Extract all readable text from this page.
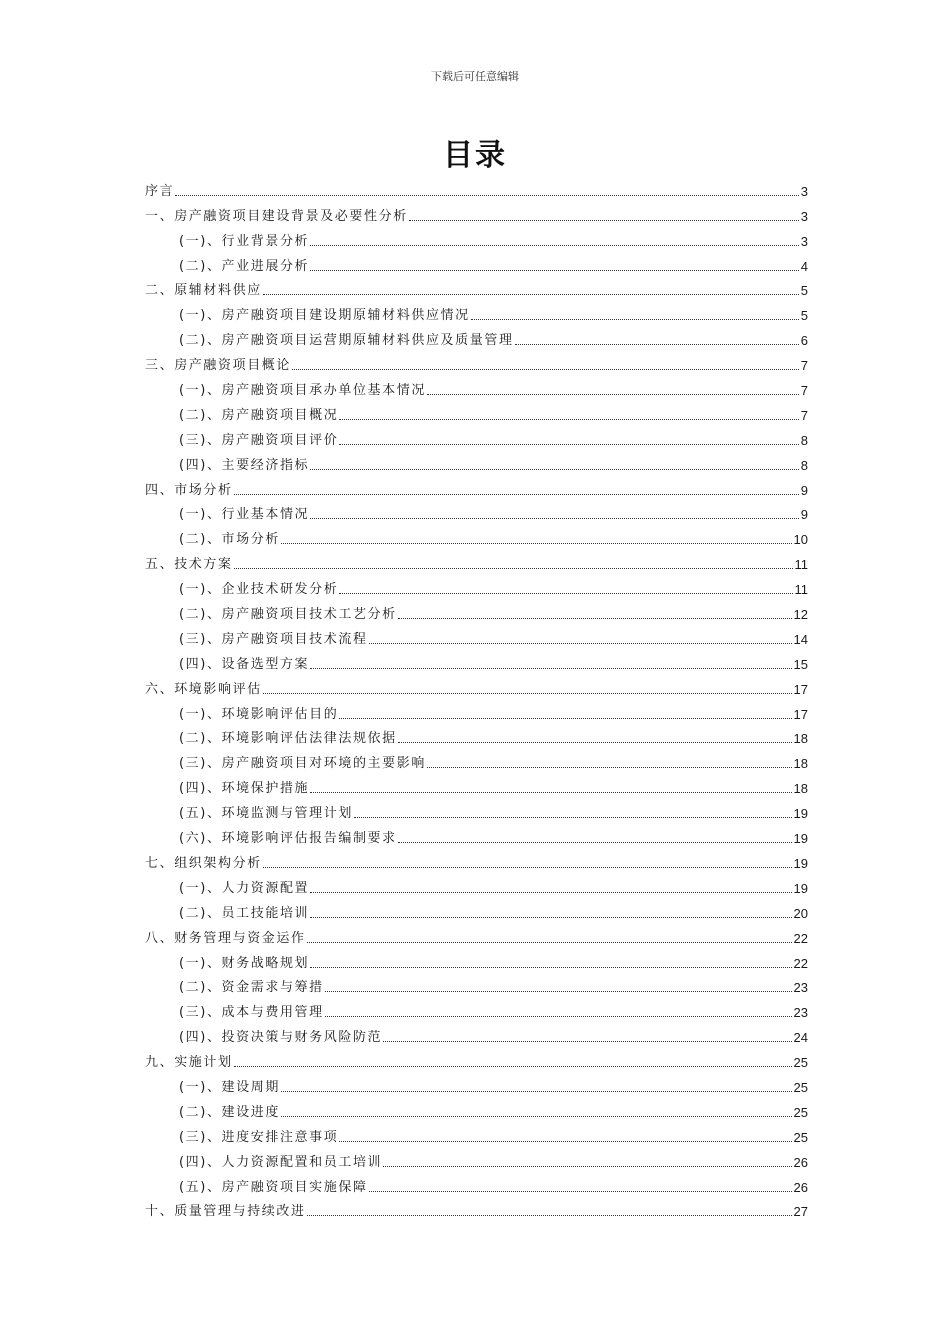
下载后可任意编辑
目录
序言	3
一、房产融资项目建设背景及必要性分析	3
(一)、行业背景分析	3
(二)、产业进展分析	4
二、原辅材料供应	5
(一)、房产融资项目建设期原辅材料供应情况	5
(二)、房产融资项目运营期原辅材料供应及质量管理	6
三、房产融资项目概论	7
(一)、房产融资项目承办单位基本情况	7
(二)、房产融资项目概况	7
(三)、房产融资项目评价	8
(四)、主要经济指标	8
四、市场分析	9
(一)、行业基本情况	9
(二)、市场分析	10
五、技术方案	11
(一)、企业技术研发分析	11
(二)、房产融资项目技术工艺分析	12
(三)、房产融资项目技术流程	14
(四)、设备选型方案	15
六、环境影响评估	17
(一)、环境影响评估目的	17
(二)、环境影响评估法律法规依据	18
(三)、房产融资项目对环境的主要影响	18
(四)、环境保护措施	18
(五)、环境监测与管理计划	19
(六)、环境影响评估报告编制要求	19
七、组织架构分析	19
(一)、人力资源配置	19
(二)、员工技能培训	20
八、财务管理与资金运作	22
(一)、财务战略规划	22
(二)、资金需求与筹措	23
(三)、成本与费用管理	23
(四)、投资决策与财务风险防范	24
九、实施计划	25
(一)、建设周期	25
(二)、建设进度	25
(三)、进度安排注意事项	25
(四)、人力资源配置和员工培训	26
(五)、房产融资项目实施保障	26
十、质量管理与持续改进	27
